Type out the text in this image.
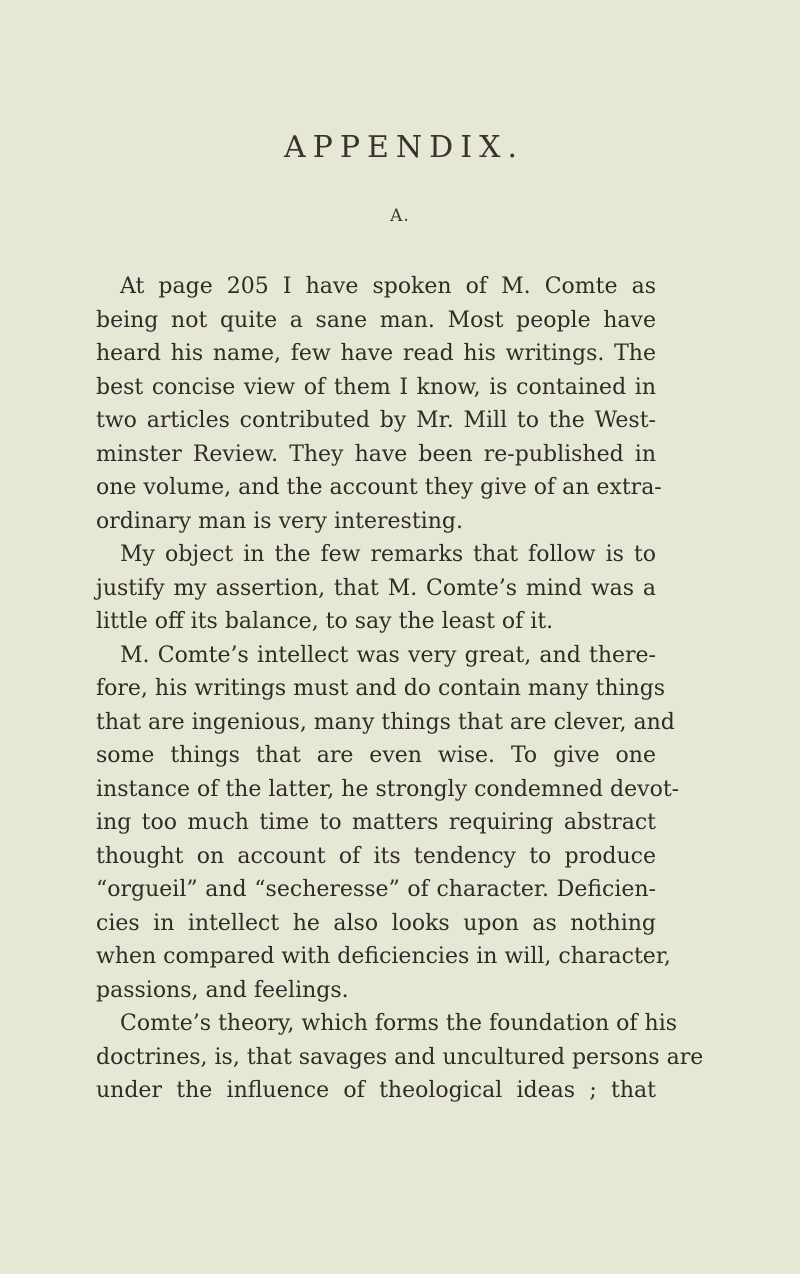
APPENDIX.
A.
At page 205 I have spoken of M. Comte as
being not quite a sane man. Most people have
heard his name, few have read his writings. The
best concise view of them I know, is contained in
two articles contributed by Mr. Mill to the West-
minster Review. They have been re-published in
one volume, and the account they give of an extra-
ordinary man is very interesting.
My object in the few remarks that follow is to
justify my assertion, that M. Comte’s mind was a
little off its balance, to say the least of it.
M. Comte’s intellect was very great, and there-
fore, his writings must and do contain many things
that are ingenious, many things that are clever, and
some things that are even wise. To give one
instance of the latter, he strongly condemned devot-
ing too much time to matters requiring abstract
thought on account of its tendency to produce
“orgueil” and “secheresse” of character. Deficien-
cies in intellect he also looks upon as nothing
when compared with deficiencies in will, character,
passions, and feelings.
Comte’s theory, which forms the foundation of his
doctrines, is, that savages and uncultured persons are
under the influence of theological ideas ; that
